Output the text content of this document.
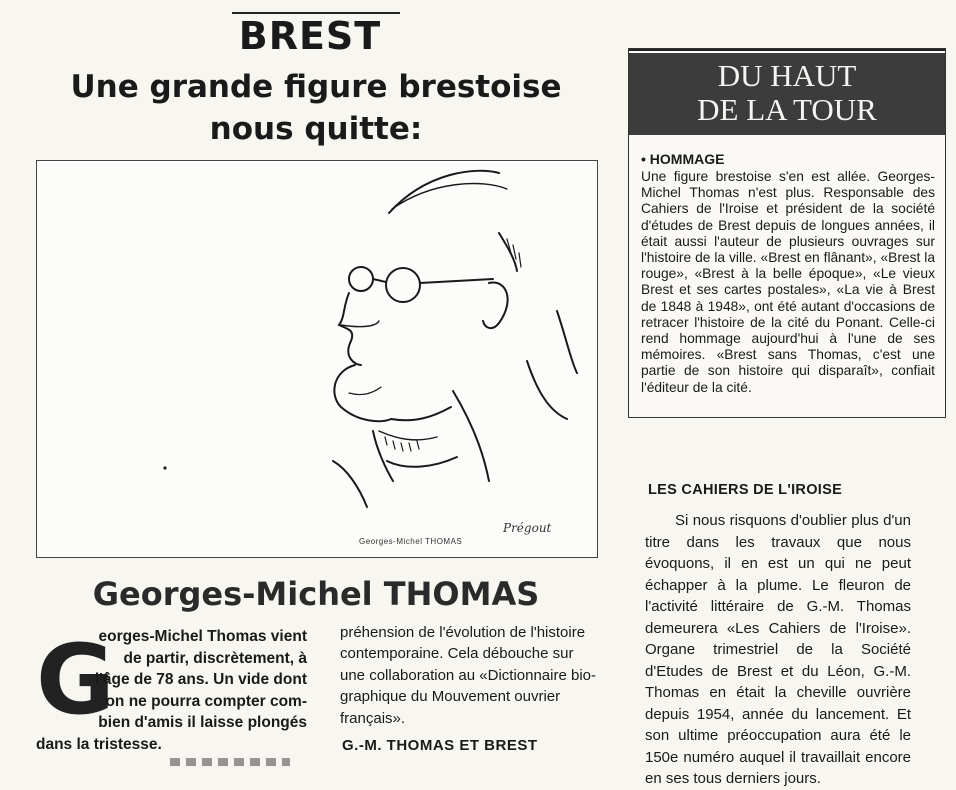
BREST
Une grande figure brestoise
nous quitte:
Georges-Michel THOMAS
Prégout
Georges-Michel THOMAS
G
eorges-Michel Thomas vient
de partir, discrètement, à
l'âge de 78 ans. Un vide dont
on ne pourra compter com-
bien d'amis il laisse plongés
dans la tristesse.
préhension de l'évolution de l'histoire
contemporaine. Cela débouche sur
une collaboration au «Dictionnaire bio-
graphique du Mouvement ouvrier
français».
G.-M. THOMAS ET BREST
DU HAUT
DE LA TOUR
• HOMMAGE
Une figure brestoise s'en est allée. Georges-Michel Thomas n'est plus. Responsable des Cahiers de l'Iroise et président de la société d'études de Brest depuis de longues années, il était aussi l'auteur de plusieurs ouvrages sur l'histoire de la ville. «Brest en flânant», «Brest la rouge», «Brest à la belle époque», «Le vieux Brest et ses cartes postales», «La vie à Brest de 1848 à 1948», ont été autant d'occasions de retracer l'histoire de la cité du Ponant. Celle-ci rend hommage aujourd'hui à l'une de ses mémoires. «Brest sans Thomas, c'est une partie de son histoire qui disparaît», confiait l'éditeur de la cité.
LES CAHIERS DE L'IROISE
Si nous risquons d'oublier plus d'un titre dans les travaux que nous évoquons, il en est un qui ne peut échapper à la plume. Le fleuron de l'activité littéraire de G.-M. Thomas demeurera «Les Cahiers de l'Iroise». Organe trimestriel de la Société d'Etudes de Brest et du Léon, G.-M. Thomas en était la cheville ouvrière depuis 1954, année du lancement. Et son ultime préoccupation aura été le 150e numéro auquel il travaillait encore en ses tous derniers jours.
